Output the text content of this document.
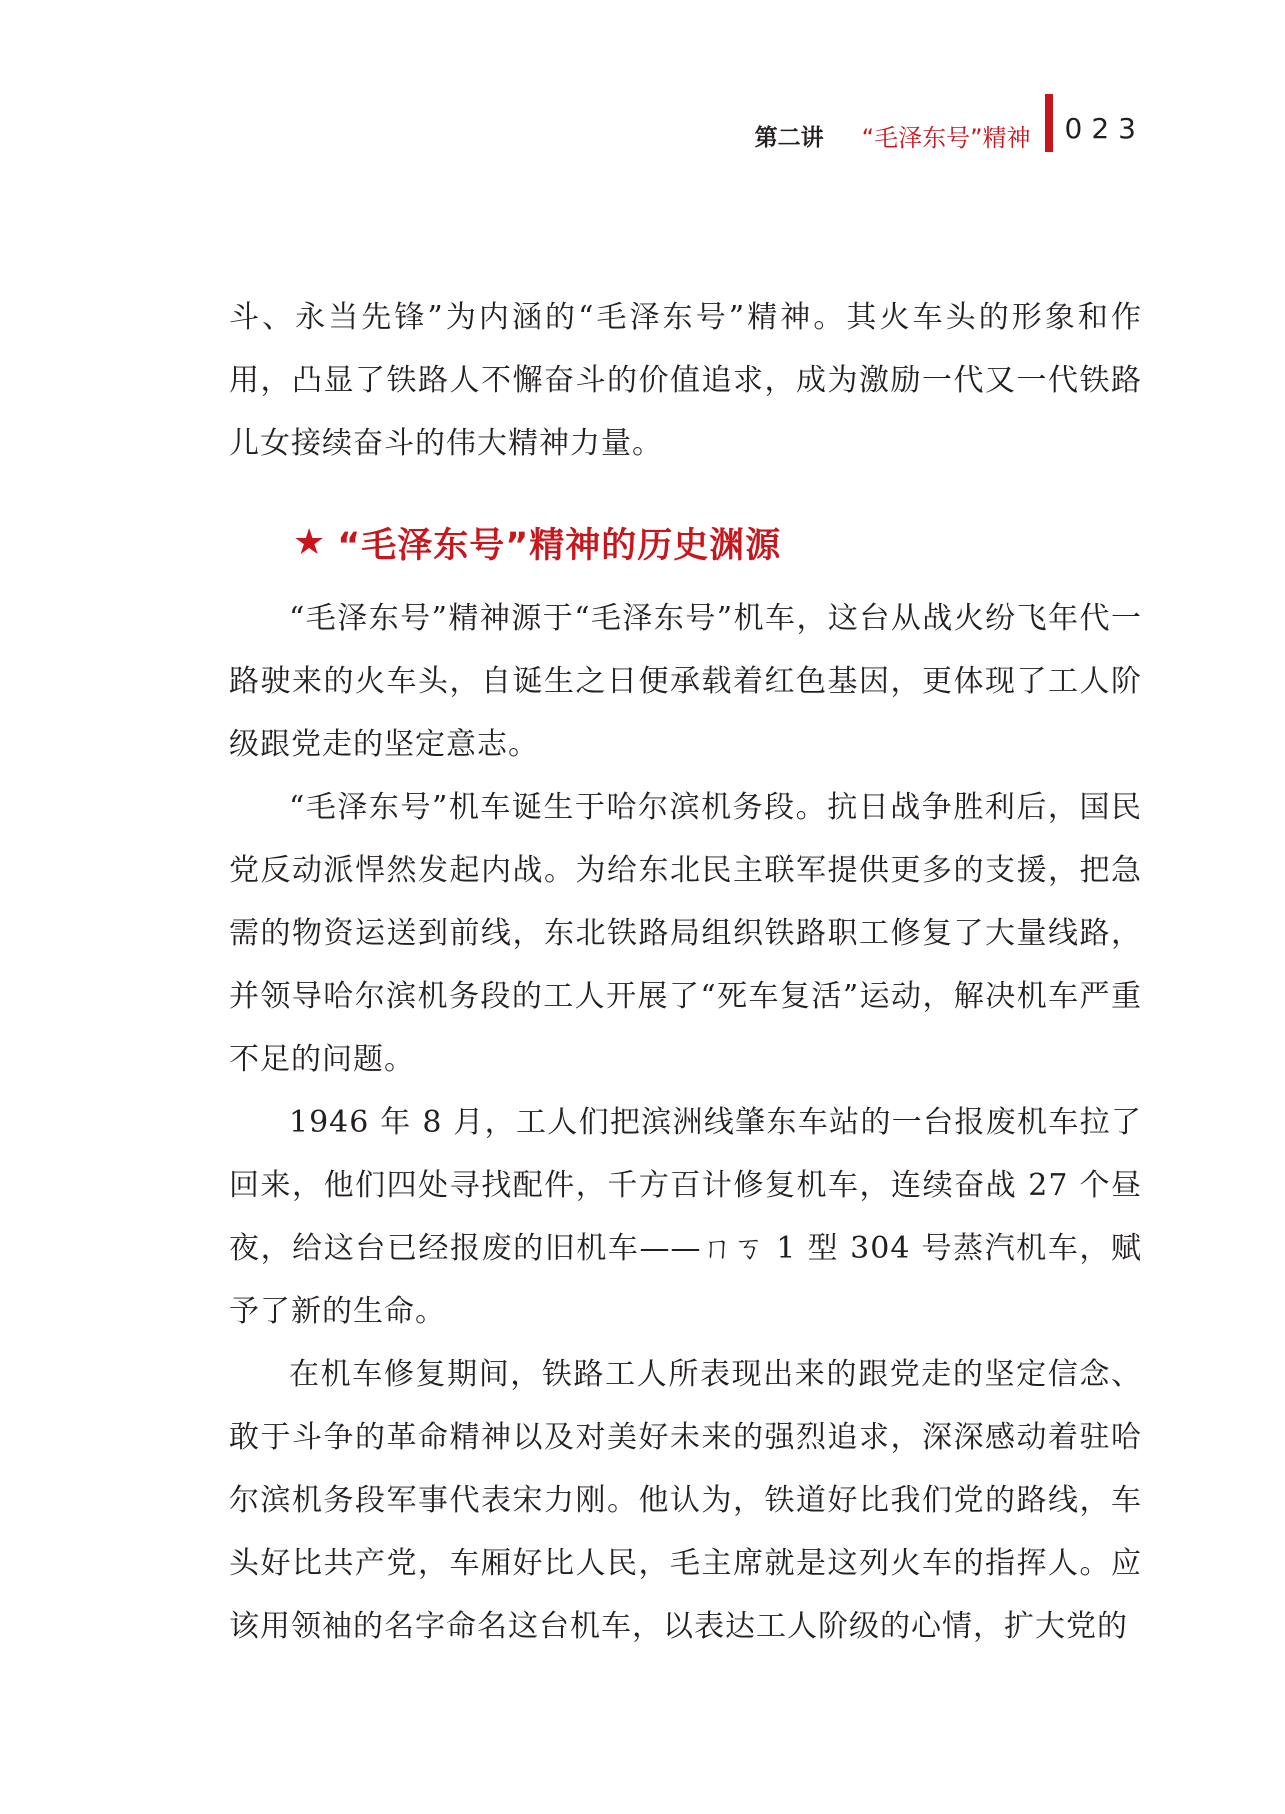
第二讲 “毛泽东号”精神 023

斗、永当先锋”为内涵的“毛泽东号”精神。其火车头的形象和作用，凸显了铁路人不懈奋斗的价值追求，成为激励一代又一代铁路儿女接续奋斗的伟大精神力量。

★ “毛泽东号”精神的历史渊源

“毛泽东号”精神源于“毛泽东号”机车，这台从战火纷飞年代一路驶来的火车头，自诞生之日便承载着红色基因，更体现了工人阶级跟党走的坚定意志。

“毛泽东号”机车诞生于哈尔滨机务段。抗日战争胜利后，国民党反动派悍然发起内战。为给东北民主联军提供更多的支援，把急需的物资运送到前线，东北铁路局组织铁路职工修复了大量线路，并领导哈尔滨机务段的工人开展了“死车复活”运动，解决机车严重不足的问题。

1946 年 8 月，工人们把滨洲线肇东车站的一台报废机车拉了回来，他们四处寻找配件，千方百计修复机车，连续奋战 27 个昼夜，给这台已经报废的旧机车——ㄇㄎ 1 型 304 号蒸汽机车，赋予了新的生命。

在机车修复期间，铁路工人所表现出来的跟党走的坚定信念、敢于斗争的革命精神以及对美好未来的强烈追求，深深感动着驻哈尔滨机务段军事代表宋力刚。他认为，铁道好比我们党的路线，车头好比共产党，车厢好比人民，毛主席就是这列火车的指挥人。应该用领袖的名字命名这台机车，以表达工人阶级的心情，扩大党的
